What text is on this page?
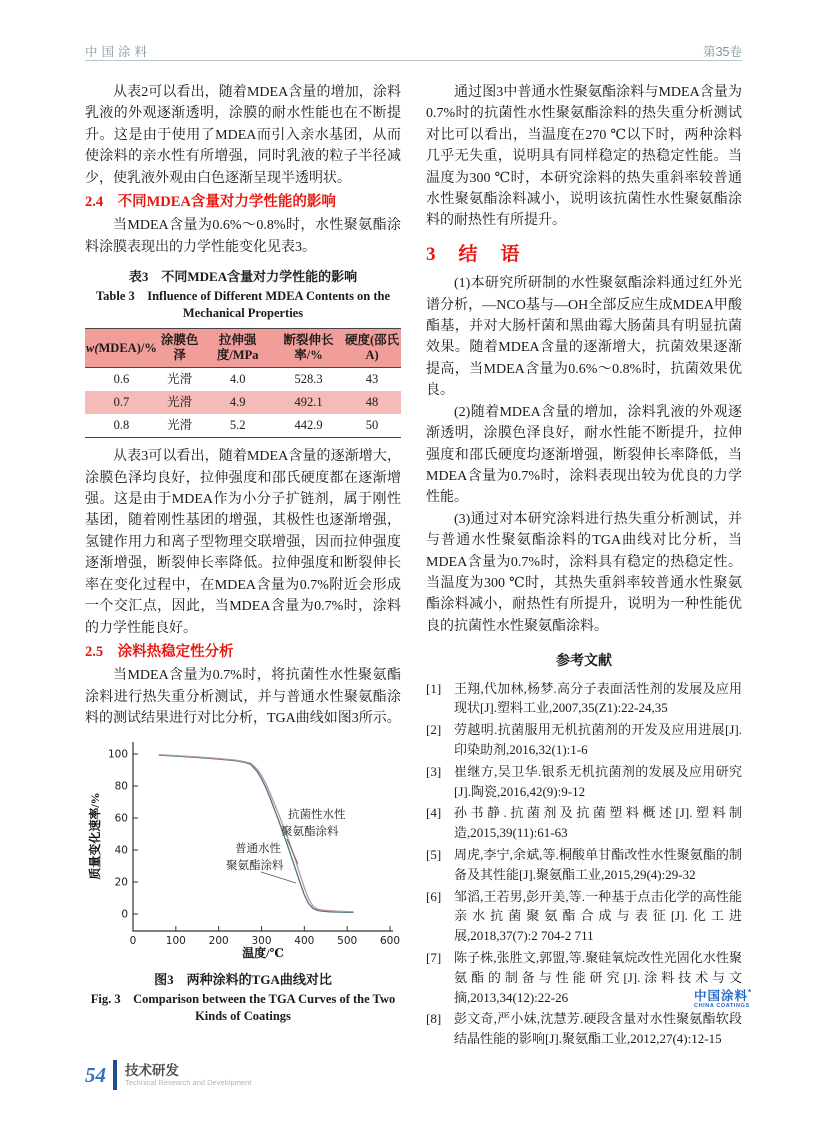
中国涂料	第35卷

从表2可以看出，随着MDEA含量的增加，涂料乳液的外观逐渐透明，涂膜的耐水性能也在不断提升。这是由于使用了MDEA而引入亲水基团，从而使涂料的亲水性有所增强，同时乳液的粒子半径减少，使乳液外观由白色逐渐呈现半透明状。

2.4　不同MDEA含量对力学性能的影响

当MDEA含量为0.6%～0.8%时，水性聚氨酯涂料涂膜表现出的力学性能变化见表3。

表3　不同MDEA含量对力学性能的影响
Table 3　Influence of Different MDEA Contents on the Mechanical Properties
w(MDEA)/%	涂膜色泽	拉伸强度/MPa	断裂伸长率/%	硬度(邵氏A)
0.6	光滑	4.0	528.3	43
0.7	光滑	4.9	492.1	48
0.8	光滑	5.2	442.9	50

从表3可以看出，随着MDEA含量的逐渐增大，涂膜色泽均良好，拉伸强度和邵氏硬度都在逐渐增强。这是由于MDEA作为小分子扩链剂，属于刚性基团，随着刚性基团的增强，其极性也逐渐增强，氢键作用力和离子型物理交联增强，因而拉伸强度逐渐增强，断裂伸长率降低。拉伸强度和断裂伸长率在变化过程中，在MDEA含量为0.7%附近会形成一个交汇点，因此，当MDEA含量为0.7%时，涂料的力学性能良好。

2.5　涂料热稳定性分析

当MDEA含量为0.7%时，将抗菌性水性聚氨酯涂料进行热失重分析测试，并与普通水性聚氨酯涂料的测试结果进行对比分析，TGA曲线如图3所示。

0	100 200 300 400 500 600
0
20
40
60
80
100
温度/℃
质量变化速率/%	普通水性
聚氨酯涂料
抗菌性水性
聚氨酯涂料
图3　两种涂料的TGA曲线对比
Fig. 3　Comparison between the TGA Curves of the Two Kinds of Coatings

通过图3中普通水性聚氨酯涂料与MDEA含量为0.7%时的抗菌性水性聚氨酯涂料的热失重分析测试对比可以看出，当温度在270 ℃以下时，两种涂料几乎无失重，说明具有同样稳定的热稳定性能。当温度为300 ℃时，本研究涂料的热失重斜率较普通水性聚氨酯涂料减小，说明该抗菌性水性聚氨酯涂料的耐热性有所提升。

3　结　语

(1)本研究所研制的水性聚氨酯涂料通过红外光谱分析，—NCO基与—OH全部反应生成MDEA甲酸酯基，并对大肠杆菌和黑曲霉大肠菌具有明显抗菌效果。随着MDEA含量的逐渐增大，抗菌效果逐渐提高，当MDEA含量为0.6%～0.8%时，抗菌效果优良。

(2)随着MDEA含量的增加，涂料乳液的外观逐渐透明，涂膜色泽良好，耐水性能不断提升，拉伸强度和邵氏硬度均逐渐增强，断裂伸长率降低，当MDEA含量为0.7%时，涂料表现出较为优良的力学性能。

(3)通过对本研究涂料进行热失重分析测试，并与普通水性聚氨酯涂料的TGA曲线对比分析，当MDEA含量为0.7%时，涂料具有稳定的热稳定性。当温度为300 ℃时，其热失重斜率较普通水性聚氨酯涂料减小，耐热性有所提升，说明为一种性能优良的抗菌性水性聚氨酯涂料。

参考文献
[1] 王翔,代加林,杨梦.高分子表面活性剂的发展及应用现状[J].塑料工业,2007,35(Z1):22-24,35
[2] 劳越明.抗菌服用无机抗菌剂的开发及应用进展[J].印染助剂,2016,32(1):1-6
[3] 崔继方,吴卫华.银系无机抗菌剂的发展及应用研究[J].陶瓷,2016,42(9):9-12
[4] 孙书静.抗菌剂及抗菌塑料概述[J].塑料制造,2015,39(11):61-63
[5] 周虎,李宁,余斌,等.桐酸单甘酯改性水性聚氨酯的制备及其性能[J].聚氨酯工业,2015,29(4):29-32
[6] 邹滔,王若男,彭开美,等.一种基于点击化学的高性能亲水抗菌聚氨酯合成与表征[J].化工进展,2018,37(7):2 704-2 711
[7] 陈子株,张胜文,郭盟,等.聚硅氧烷改性光固化水性聚氨酯的制备与性能研究[J].涂料技术与文摘,2013,34(12):22-26
[8] 彭文奇,严小妹,沈慧芳.硬段含量对水性聚氨酯软段结晶性能的影响[J].聚氨酯工业,2012,27(4):12-15
中国涂料*
CHINA COATINGS
54 技术研发
Technical Research and Development
